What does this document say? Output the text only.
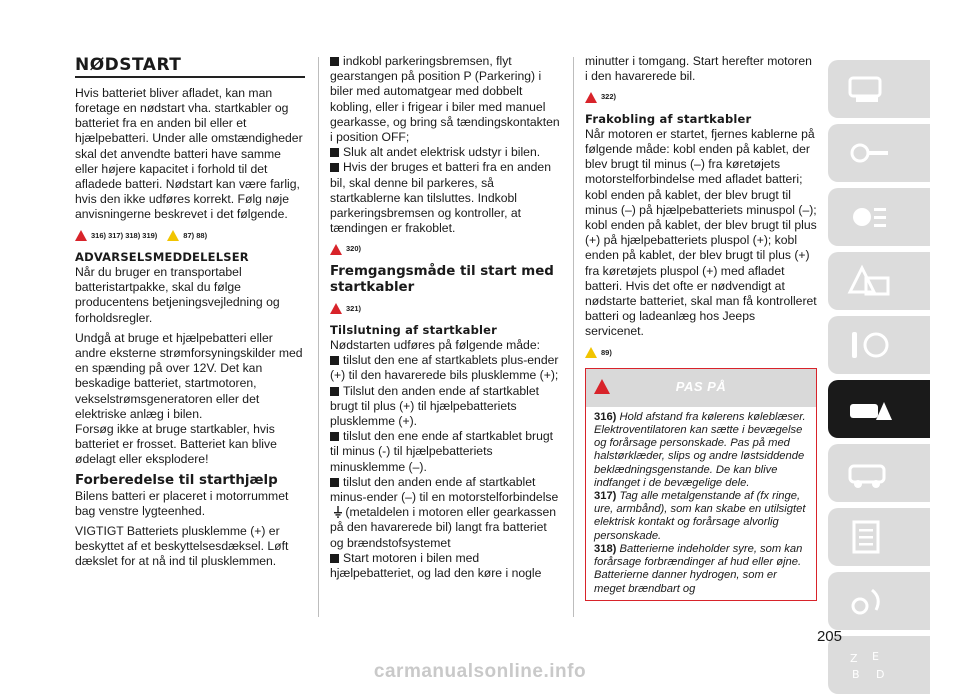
NØDSTART

Hvis batteriet bliver afladet, kan man foretage en nødstart vha. startkabler og batteriet fra en anden bil eller et hjælpebatteri. Under alle omstændigheder skal det anvendte batteri have samme eller højere kapacitet i forhold til det afladede batteri. Nødstart kan være farlig, hvis den ikke udføres korrekt. Følg nøje anvisningerne beskrevet i det følgende.

316) 317) 318) 319)	87) 88)

ADVARSELSMEDDELELSER

Når du bruger en transportabel batteristartpakke, skal du følge producentens betjeningsvejledning og forholdsregler.

Undgå at bruge et hjælpebatteri eller andre eksterne strømforsyningskilder med en spænding på over 12V. Det kan beskadige batteriet, startmotoren, vekselstrømsgeneratoren eller det elektriske anlæg i bilen.

Forsøg ikke at bruge startkabler, hvis batteriet er frosset. Batteriet kan blive ødelagt eller eksplodere!

Forberedelse til starthjælp

Bilens batteri er placeret i motorrummet bag venstre lygteenhed.

VIGTIGT Batteriets plusklemme (+) er beskyttet af et beskyttelsesdæksel. Løft dækslet for at nå ind til plusklemmen.

indkobl parkeringsbremsen, flyt gearstangen på position P (Parkering) i biler med automatgear med dobbelt kobling, eller i frigear i biler med manuel gearkasse, og bring så tændingskontakten i position OFF;

Sluk alt andet elektrisk udstyr i bilen.

Hvis der bruges et batteri fra en anden bil, skal denne bil parkeres, så startkablerne kan tilsluttes. Indkobl parkeringsbremsen og kontroller, at tændingen er frakoblet.

320)

Fremgangsmåde til start med startkabler

321)

Tilslutning af startkabler

Nødstarten udføres på følgende måde:

tilslut den ene af startkablets plus-ender (+) til den havarerede bils plusklemme (+);

Tilslut den anden ende af startkablet brugt til plus (+) til hjælpebatteriets plusklemme (+).

tilslut den ene ende af startkablet brugt til minus (-) til hjælpebatteriets minusklemme (–).

tilslut den anden ende af startkablet minus-ender (–) til en motorstelforbindelse (metaldelen i motoren eller gearkassen på den havarerede bil) langt fra batteriet og brændstofsystemet

Start motoren i bilen med hjælpebatteriet, og lad den køre i nogle

minutter i tomgang. Start herefter motoren i den havarerede bil.

322)

Frakobling af startkabler

Når motoren er startet, fjernes kablerne på følgende måde: kobl enden på kablet, der blev brugt til minus (–) fra køretøjets motorstelforbindelse med afladet batteri; kobl enden på kablet, der blev brugt til minus (–) på hjælpebatteriets minuspol (–); kobl enden på kablet, der blev brugt til plus (+) på hjælpebatteriets pluspol (+); kobl enden på kablet, der blev brugt til plus (+) fra køretøjets pluspol (+) med afladet batteri. Hvis det ofte er nødvendigt at nødstarte batteriet, skal man få kontrolleret batteri og ladeanlæg hos Jeeps servicenet.

89)
PAS PÅ

316) Hold afstand fra kølerens køleblæser. Elektroventilatoren kan sætte i bevægelse og forårsage personskade. Pas på med halstørklæder, slips og andre løstsiddende beklædningsgenstande. De kan blive indfanget i de bevægelige dele.

317) Tag alle metalgenstande af (fx ringe, ure, armbånd), som kan skabe en utilsigtet elektrisk kontakt og forårsage alvorlig personskade.

318) Batterierne indeholder syre, som kan forårsage forbrændinger af hud eller øjne. Batterierne danner hydrogen, som er meget brændbart og

Z E
B D
205
carmanualsonline.info
